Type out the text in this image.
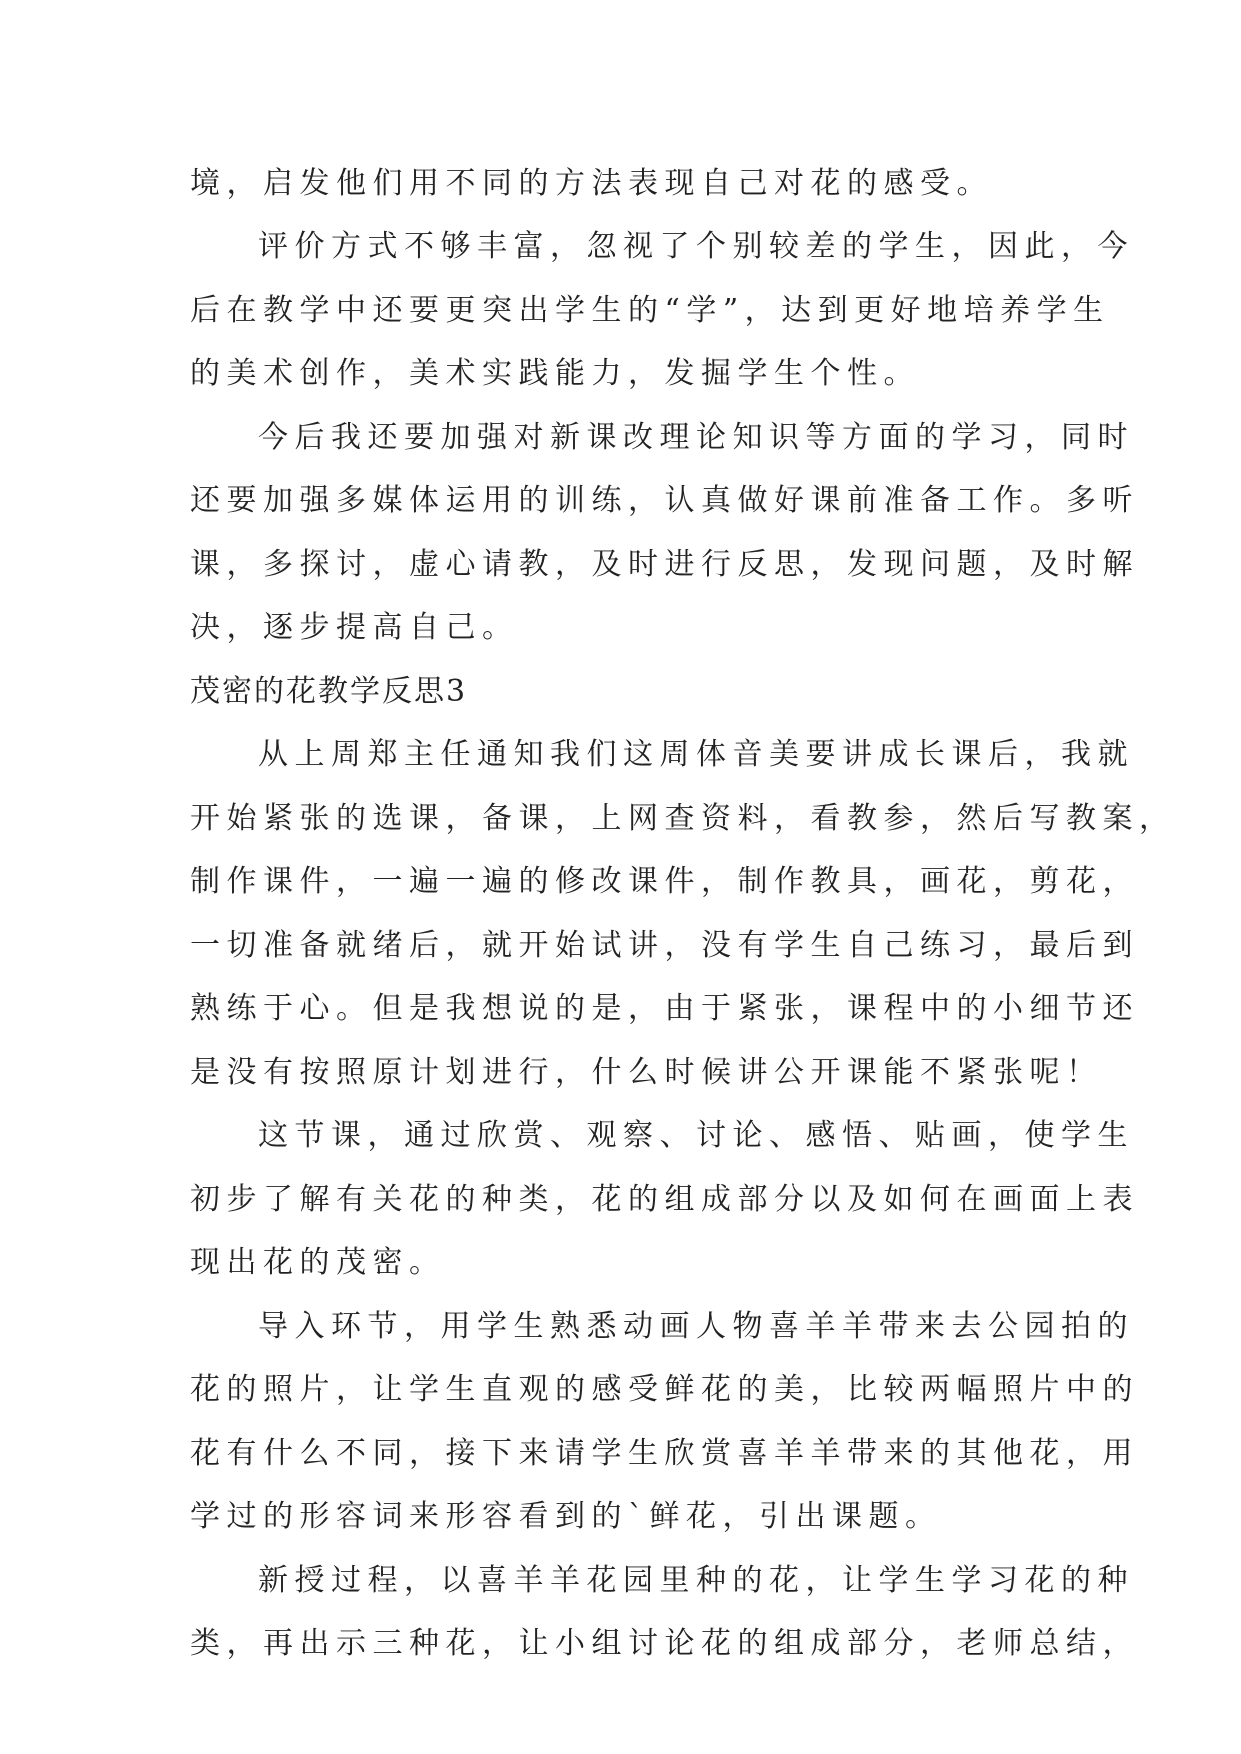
境，启发他们用不同的方法表现自己对花的感受。
评价方式不够丰富，忽视了个别较差的学生，因此，今
后在教学中还要更突出学生的“学”，达到更好地培养学生
的美术创作，美术实践能力，发掘学生个性。
今后我还要加强对新课改理论知识等方面的学习，同时
还要加强多媒体运用的训练，认真做好课前准备工作。多听
课，多探讨，虚心请教，及时进行反思，发现问题，及时解
决，逐步提高自己。
茂密的花教学反思3
从上周郑主任通知我们这周体音美要讲成长课后，我就
开始紧张的选课，备课，上网查资料，看教参，然后写教案，
制作课件，一遍一遍的修改课件，制作教具，画花，剪花，
一切准备就绪后，就开始试讲，没有学生自己练习，最后到
熟练于心。但是我想说的是，由于紧张，课程中的小细节还
是没有按照原计划进行，什么时候讲公开课能不紧张呢！
这节课，通过欣赏、观察、讨论、感悟、贴画，使学生
初步了解有关花的种类，花的组成部分以及如何在画面上表
现出花的茂密。
导入环节，用学生熟悉动画人物喜羊羊带来去公园拍的
花的照片，让学生直观的感受鲜花的美，比较两幅照片中的
花有什么不同，接下来请学生欣赏喜羊羊带来的其他花，用
学过的形容词来形容看到的`鲜花，引出课题。
新授过程，以喜羊羊花园里种的花，让学生学习花的种
类，再出示三种花，让小组讨论花的组成部分，老师总结，
